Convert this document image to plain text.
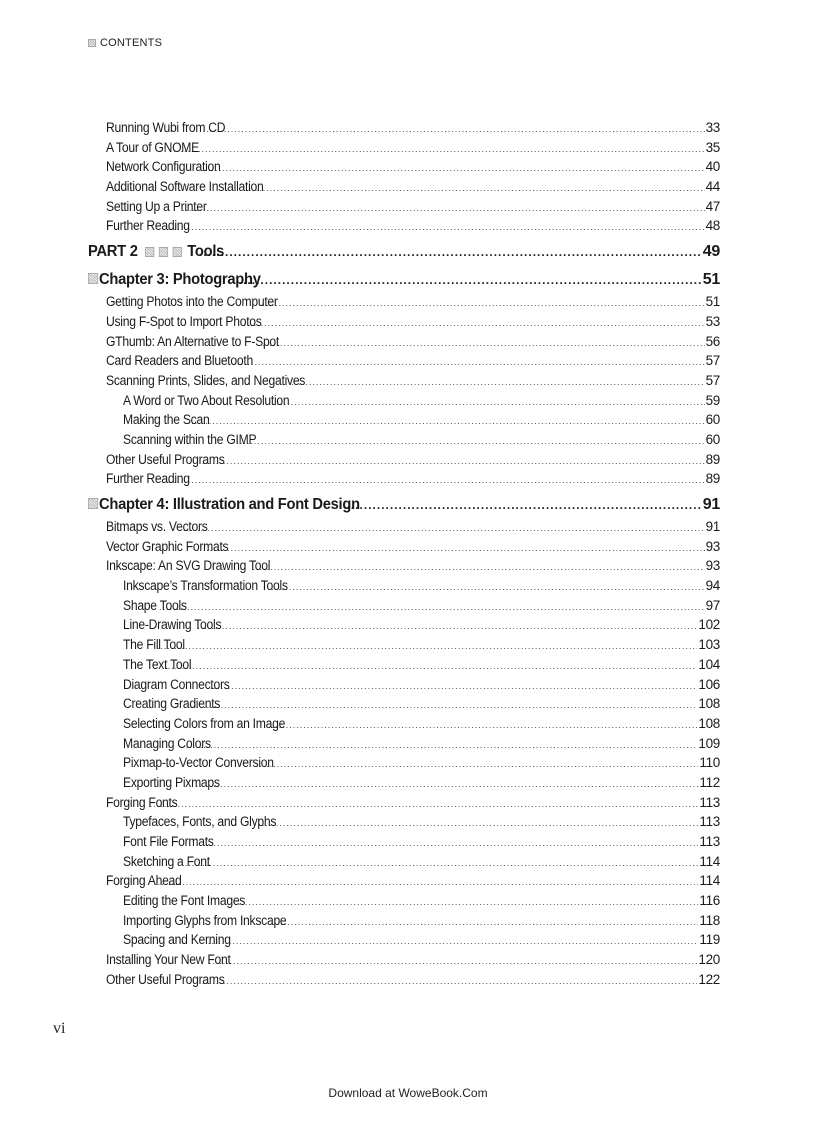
CONTENTS
Running Wubi from CD .....	33
A Tour of GNOME .....	35
Network Configuration .....	40
Additional Software Installation .....	44
Setting Up a Printer .....	47
Further Reading .....	48
PART 2	Tools .....	49
Chapter 3: Photography .....	51
Getting Photos into the Computer .....	51
Using F-Spot to Import Photos .....	53
GThumb: An Alternative to F-Spot .....	56
Card Readers and Bluetooth .....	57
Scanning Prints, Slides, and Negatives .....	57
A Word or Two About Resolution .....	59
Making the Scan .....	60
Scanning within the GIMP .....	60
Other Useful Programs .....	89
Further Reading .....	89
Chapter 4: Illustration and Font Design .....	91
Bitmaps vs. Vectors .....	91
Vector Graphic Formats .....	93
Inkscape: An SVG Drawing Tool .....	93
Inkscape’s Transformation Tools .....	94
Shape Tools .....	97
Line-Drawing Tools .....	102
The Fill Tool .....	103
The Text Tool .....	104
Diagram Connectors .....	106
Creating Gradients .....	108
Selecting Colors from an Image .....	108
Managing Colors .....	109
Pixmap-to-Vector Conversion .....	110
Exporting Pixmaps .....	112
Forging Fonts .....	113
Typefaces, Fonts, and Glyphs .....	113
Font File Formats .....	113
Sketching a Font .....	114
Forging Ahead .....	114
Editing the Font Images .....	116
Importing Glyphs from Inkscape .....	118
Spacing and Kerning .....	119
Installing Your New Font .....	120
Other Useful Programs .....	122
vi
Download at WoweBook.Com
